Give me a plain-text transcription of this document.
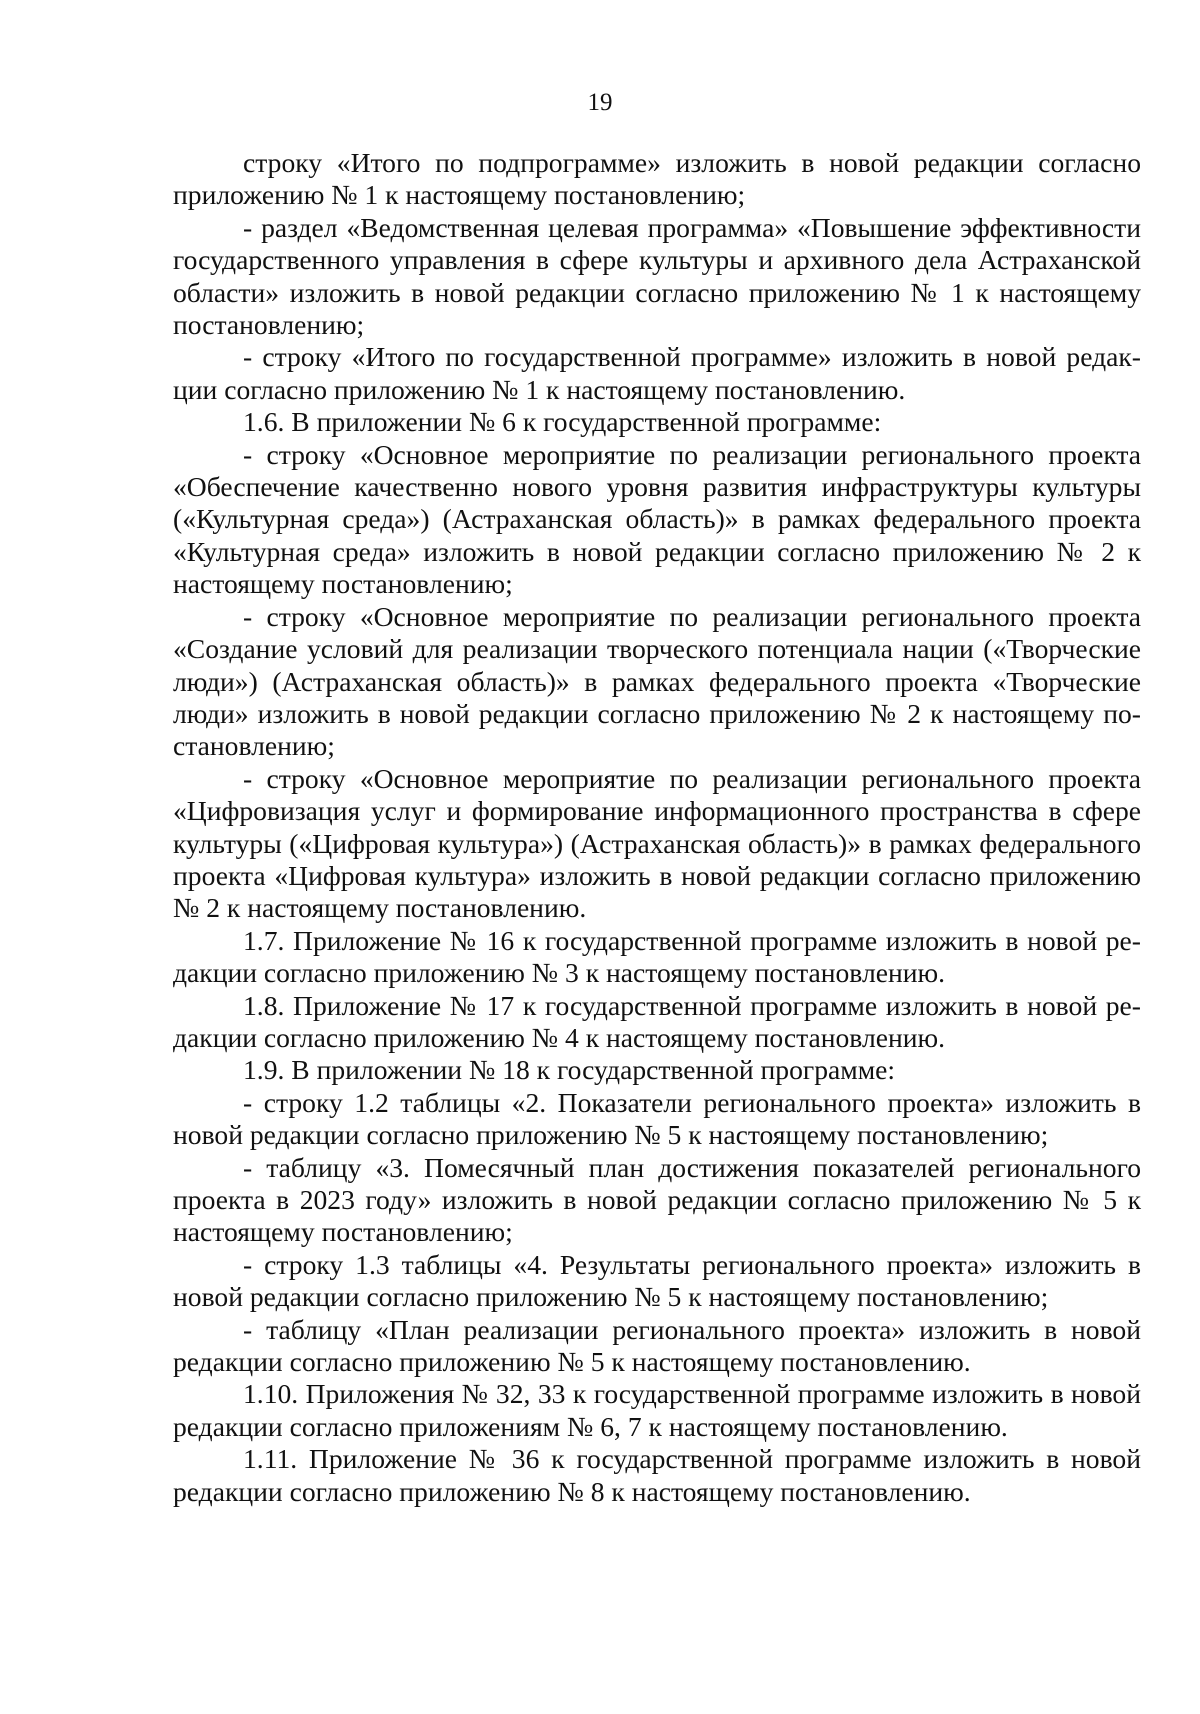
19

строку «Итого по подпрограмме» изложить в новой редакции согласно приложению № 1 к настоящему постановлению;

- раздел «Ведомственная целевая программа» «Повышение эффективности государственного управления в сфере культуры и архивного дела Астраханской области» изложить в новой редакции согласно приложению № 1 к настоящему постановлению;

- строку «Итого по государственной программе» изложить в новой редакции согласно приложению № 1 к настоящему постановлению.

1.6. В приложении № 6 к государственной программе:

- строку «Основное мероприятие по реализации регионального проекта «Обеспечение качественно нового уровня развития инфраструктуры культуры («Культурная среда») (Астраханская область)» в рамках федерального проекта «Культурная среда» изложить в новой редакции согласно приложению № 2 к настоящему постановлению;

- строку «Основное мероприятие по реализации регионального проекта «Создание условий для реализации творческого потенциала нации («Творческие люди») (Астраханская область)» в рамках федерального проекта «Творческие люди» изложить в новой редакции согласно приложению № 2 к настоящему постановлению;

- строку «Основное мероприятие по реализации регионального проекта «Цифровизация услуг и формирование информационного пространства в сфере культуры («Цифровая культура») (Астраханская область)» в рамках федерального проекта «Цифровая культура» изложить в новой редакции согласно приложению № 2 к настоящему постановлению.

1.7. Приложение № 16 к государственной программе изложить в новой редакции согласно приложению № 3 к настоящему постановлению.

1.8. Приложение № 17 к государственной программе изложить в новой редакции согласно приложению № 4 к настоящему постановлению.

1.9. В приложении № 18 к государственной программе:

- строку 1.2 таблицы «2. Показатели регионального проекта» изложить в новой редакции согласно приложению № 5 к настоящему постановлению;

- таблицу «3. Помесячный план достижения показателей регионального проекта в 2023 году» изложить в новой редакции согласно приложению № 5 к настоящему постановлению;

- строку 1.3 таблицы «4. Результаты регионального проекта» изложить в новой редакции согласно приложению № 5 к настоящему постановлению;

- таблицу «План реализации регионального проекта» изложить в новой редакции согласно приложению № 5 к настоящему постановлению.

1.10. Приложения № 32, 33 к государственной программе изложить в новой редакции согласно приложениям № 6, 7 к настоящему постановлению.

1.11. Приложение № 36 к государственной программе изложить в новой редакции согласно приложению № 8 к настоящему постановлению.
